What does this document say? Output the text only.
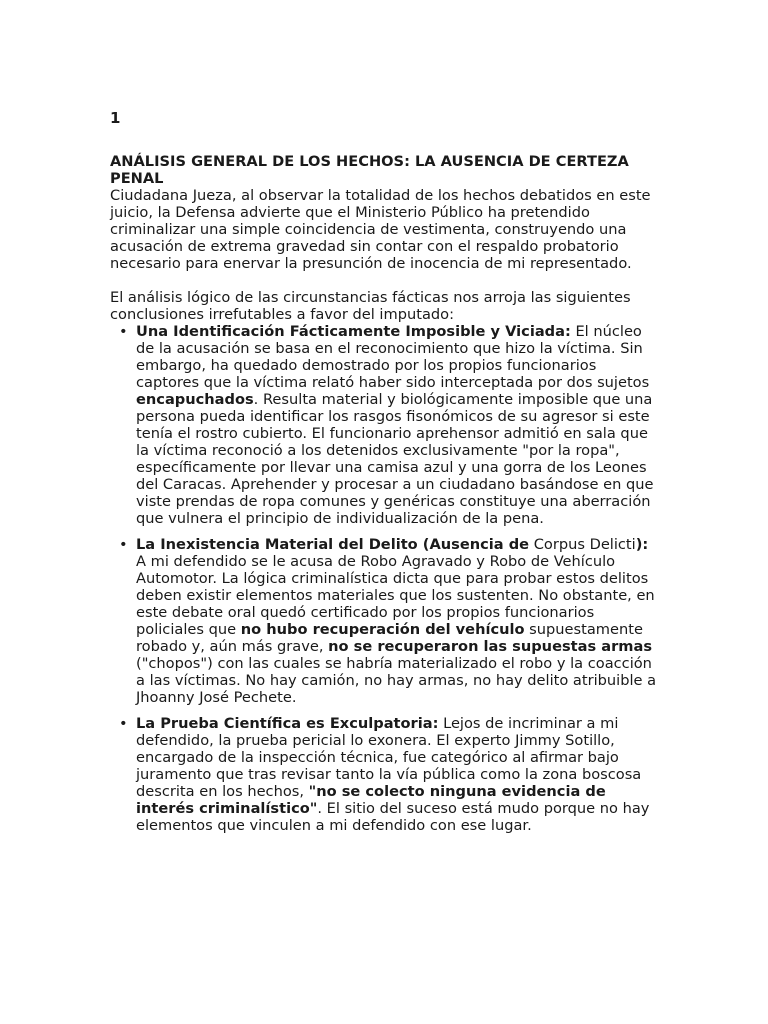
1
ANÁLISIS GENERAL DE LOS HECHOS: LA AUSENCIA DE CERTEZA PENAL

Ciudadana Jueza, al observar la totalidad de los hechos debatidos en este juicio, la Defensa advierte que el Ministerio Público ha pretendido criminalizar una simple coincidencia de vestimenta, construyendo una acusación de extrema gravedad sin contar con el respaldo probatorio necesario para enervar la presunción de inocencia de mi representado.

El análisis lógico de las circunstancias fácticas nos arroja las siguientes conclusiones irrefutables a favor del imputado:

• Una Identificación Fácticamente Imposible y Viciada: El núcleo de la acusación se basa en el reconocimiento que hizo la víctima. Sin embargo, ha quedado demostrado por los propios funcionarios captores que la víctima relató haber sido interceptada por dos sujetos encapuchados. Resulta material y biológicamente imposible que una persona pueda identificar los rasgos fisonómicos de su agresor si este tenía el rostro cubierto. El funcionario aprehensor admitió en sala que la víctima reconoció a los detenidos exclusivamente "por la ropa", específicamente por llevar una camisa azul y una gorra de los Leones del Caracas. Aprehender y procesar a un ciudadano basándose en que viste prendas de ropa comunes y genéricas constituye una aberración que vulnera el principio de individualización de la pena.
• La Inexistencia Material del Delito (Ausencia de Corpus Delicti): A mi defendido se le acusa de Robo Agravado y Robo de Vehículo Automotor. La lógica criminalística dicta que para probar estos delitos deben existir elementos materiales que los sustenten. No obstante, en este debate oral quedó certificado por los propios funcionarios policiales que no hubo recuperación del vehículo supuestamente robado y, aún más grave, no se recuperaron las supuestas armas ("chopos") con las cuales se habría materializado el robo y la coacción a las víctimas. No hay camión, no hay armas, no hay delito atribuible a Jhoanny José Pechete.
• La Prueba Científica es Exculpatoria: Lejos de incriminar a mi defendido, la prueba pericial lo exonera. El experto Jimmy Sotillo, encargado de la inspección técnica, fue categórico al afirmar bajo juramento que tras revisar tanto la vía pública como la zona boscosa descrita en los hechos, "no se colecto ninguna evidencia de interés criminalístico". El sitio del suceso está mudo porque no hay elementos que vinculen a mi defendido con ese lugar.
